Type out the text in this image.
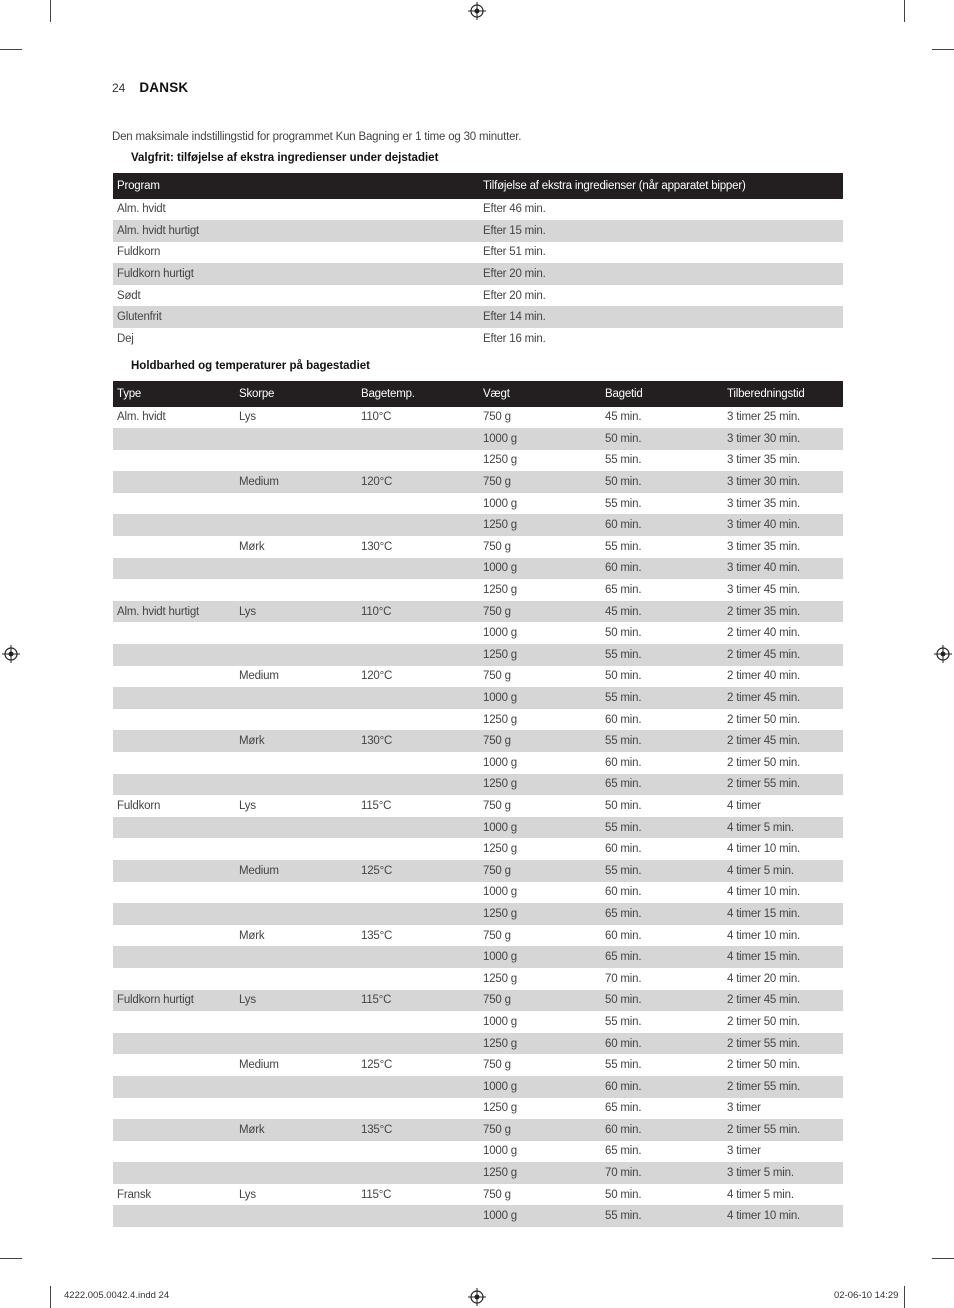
24 DANSK
Den maksimale indstillingstid for programmet Kun Bagning er 1 time og 30 minutter.
Valgfrit: tilføjelse af ekstra ingredienser under dejstadiet
Program	Tilføjelse af ekstra ingredienser (når apparatet bipper)
Alm. hvidt	Efter 46 min.
Alm. hvidt hurtigt	Efter 15 min.
Fuldkorn	Efter 51 min.
Fuldkorn hurtigt	Efter 20 min.
Sødt	Efter 20 min.
Glutenfrit	Efter 14 min.
Dej	Efter 16 min.
Holdbarhed og temperaturer på bagestadiet
Type	Skorpe	Bagetemp.	Vægt	Bagetid	Tilberedningstid
Alm. hvidt	Lys	110°C	750 g	45 min.	3 timer 25 min.
			1000 g	50 min.	3 timer 30 min.
			1250 g	55 min.	3 timer 35 min.
	Medium	120°C	750 g	50 min.	3 timer 30 min.
			1000 g	55 min.	3 timer 35 min.
			1250 g	60 min.	3 timer 40 min.
	Mørk	130°C	750 g	55 min.	3 timer 35 min.
			1000 g	60 min.	3 timer 40 min.
			1250 g	65 min.	3 timer 45 min.
Alm. hvidt hurtigt	Lys	110°C	750 g	45 min.	2 timer 35 min.
			1000 g	50 min.	2 timer 40 min.
			1250 g	55 min.	2 timer 45 min.
	Medium	120°C	750 g	50 min.	2 timer 40 min.
			1000 g	55 min.	2 timer 45 min.
			1250 g	60 min.	2 timer 50 min.
	Mørk	130°C	750 g	55 min.	2 timer 45 min.
			1000 g	60 min.	2 timer 50 min.
			1250 g	65 min.	2 timer 55 min.
Fuldkorn	Lys	115°C	750 g	50 min.	4 timer
			1000 g	55 min.	4 timer 5 min.
			1250 g	60 min.	4 timer 10 min.
	Medium	125°C	750 g	55 min.	4 timer 5 min.
			1000 g	60 min.	4 timer 10 min.
			1250 g	65 min.	4 timer 15 min.
	Mørk	135°C	750 g	60 min.	4 timer 10 min.
			1000 g	65 min.	4 timer 15 min.
			1250 g	70 min.	4 timer 20 min.
Fuldkorn hurtigt	Lys	115°C	750 g	50 min.	2 timer 45 min.
			1000 g	55 min.	2 timer 50 min.
			1250 g	60 min.	2 timer 55 min.
	Medium	125°C	750 g	55 min.	2 timer 50 min.
			1000 g	60 min.	2 timer 55 min.
			1250 g	65 min.	3 timer
	Mørk	135°C	750 g	60 min.	2 timer 55 min.
			1000 g	65 min.	3 timer
			1250 g	70 min.	3 timer 5 min.
Fransk	Lys	115°C	750 g	50 min.	4 timer 5 min.
			1000 g	55 min.	4 timer 10 min.
4222.005.0042.4.indd 24	02-06-10 14:29
